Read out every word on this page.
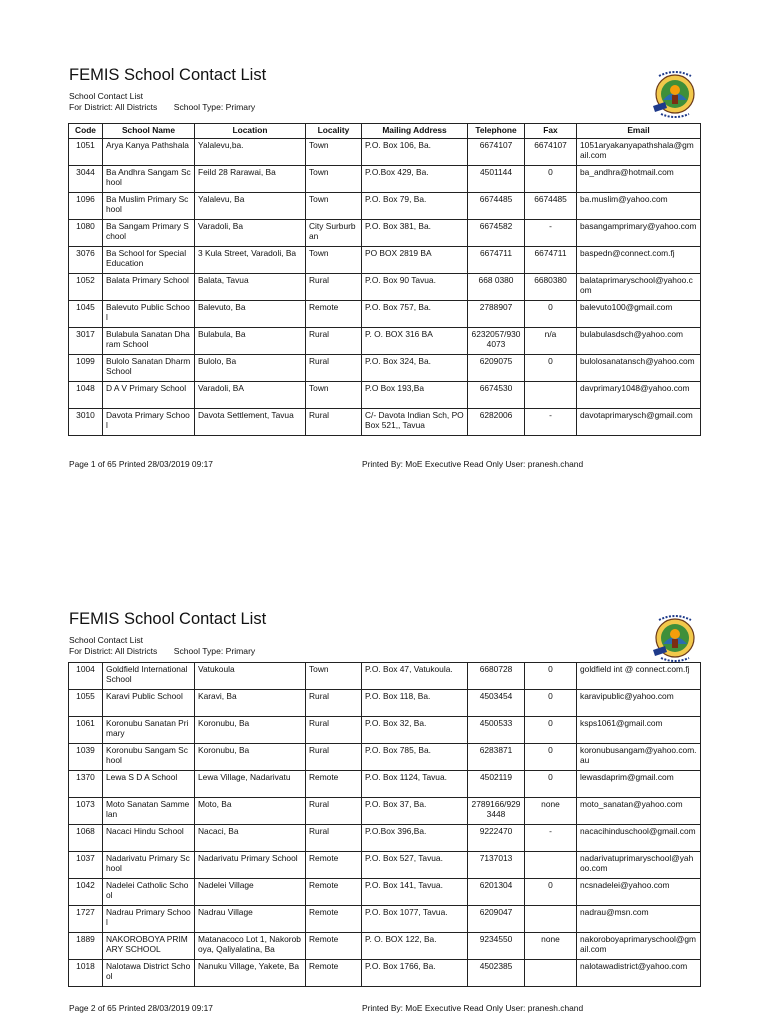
FEMIS School Contact List
School Contact List
For District: All Districts School Type: Primary
Code	School Name	Location	Locality	Mailing Address	Telephone	Fax	Email
1051	Arya Kanya Pathshala	Yalalevu,ba.	Town	P.O. Box 106, Ba.	6674107	6674107	1051aryakanyapathshala@gmail.com
3044	Ba Andhra Sangam School	Feild 28 Rarawai, Ba	Town	P.O.Box 429, Ba.	4501144	0	ba_andhra@hotmail.com
1096	Ba Muslim Primary School	Yalalevu, Ba	Town	P.O. Box 79, Ba.	6674485	6674485	ba.muslim@yahoo.com
1080	Ba Sangam Primary School	Varadoli, Ba	City Surburban	P.O. Box 381, Ba.	6674582	-	basangamprimary@yahoo.com
3076	Ba School for Special Education	3 Kula Street, Varadoli, Ba	Town	PO BOX 2819 BA	6674711	6674711	baspedn@connect.com.fj
1052	Balata Primary School	Balata, Tavua	Rural	P.O. Box 90 Tavua.	668 0380	6680380	balataprimaryschool@yahoo.com
1045	Balevuto Public School	Balevuto, Ba	Remote	P.O. Box 757, Ba.	2788907	0	balevuto100@gmail.com
3017	Bulabula Sanatan Dharam School	Bulabula, Ba	Rural	P. O. BOX 316 BA	6232057/9304073	n/a	bulabulasdsch@yahoo.com
1099	Bulolo Sanatan Dharm School	Bulolo, Ba	Rural	P.O. Box 324, Ba.	6209075	0	bulolosanatansch@yahoo.com
1048	D A V Primary School	Varadoli, BA	Town	P.O Box 193,Ba	6674530		davprimary1048@yahoo.com
3010	Davota Primary School	Davota Settlement, Tavua	Rural	C/- Davota Indian Sch, PO Box 521,, Tavua	6282006	-	davotaprimarysch@gmail.com
Page 1 of 65 Printed 28/03/2019 09:17	Printed By: MoE Executive Read Only User: pranesh.chand
FEMIS School Contact List
School Contact List
For District: All Districts School Type: Primary
1004	Goldfield International School	Vatukoula	Town	P.O. Box 47, Vatukoula.	6680728	0	goldfield int @ connect.com.fj
1055	Karavi Public School	Karavi, Ba	Rural	P.O. Box 118, Ba.	4503454	0	karavipublic@yahoo.com
1061	Koronubu Sanatan Primary	Koronubu, Ba	Rural	P.O. Box 32, Ba.	4500533	0	ksps1061@gmail.com
1039	Koronubu Sangam School	Koronubu, Ba	Rural	P.O. Box 785, Ba.	6283871	0	koronubusangam@yahoo.com.au
1370	Lewa S D A School	Lewa Village, Nadarivatu	Remote	P.O. Box 1124, Tavua.	4502119	0	lewasdaprim@gmail.com
1073	Moto Sanatan Sammelan	Moto, Ba	Rural	P.O. Box 37, Ba.	2789166/9293448	none	moto_sanatan@yahoo.com
1068	Nacaci Hindu School	Nacaci, Ba	Rural	P.O.Box 396,Ba.	9222470	-	nacacihinduschool@gmail.com
1037	Nadarivatu Primary School	Nadarivatu Primary School	Remote	P.O. Box 527, Tavua.	7137013		nadarivatuprimaryschool@yahoo.com
1042	Nadelei Catholic School	Nadelei Village	Remote	P.O. Box 141, Tavua.	6201304	0	ncsnadelei@yahoo.com
1727	Nadrau Primary School	Nadrau Village	Remote	P.O. Box 1077, Tavua.	6209047		nadrau@msn.com
1889	NAKOROBOYA PRIMARY SCHOOL	Matanacoco Lot 1, Nakoroboya, Qaliyalatina, Ba	Remote	P. O. BOX 122, Ba.	9234550	none	nakoroboyaprimaryschool@gmail.com
1018	Nalotawa District School	Nanuku Village, Yakete, Ba	Remote	P.O. Box 1766, Ba.	4502385		nalotawadistrict@yahoo.com
Page 2 of 65 Printed 28/03/2019 09:17	Printed By: MoE Executive Read Only User: pranesh.chand
